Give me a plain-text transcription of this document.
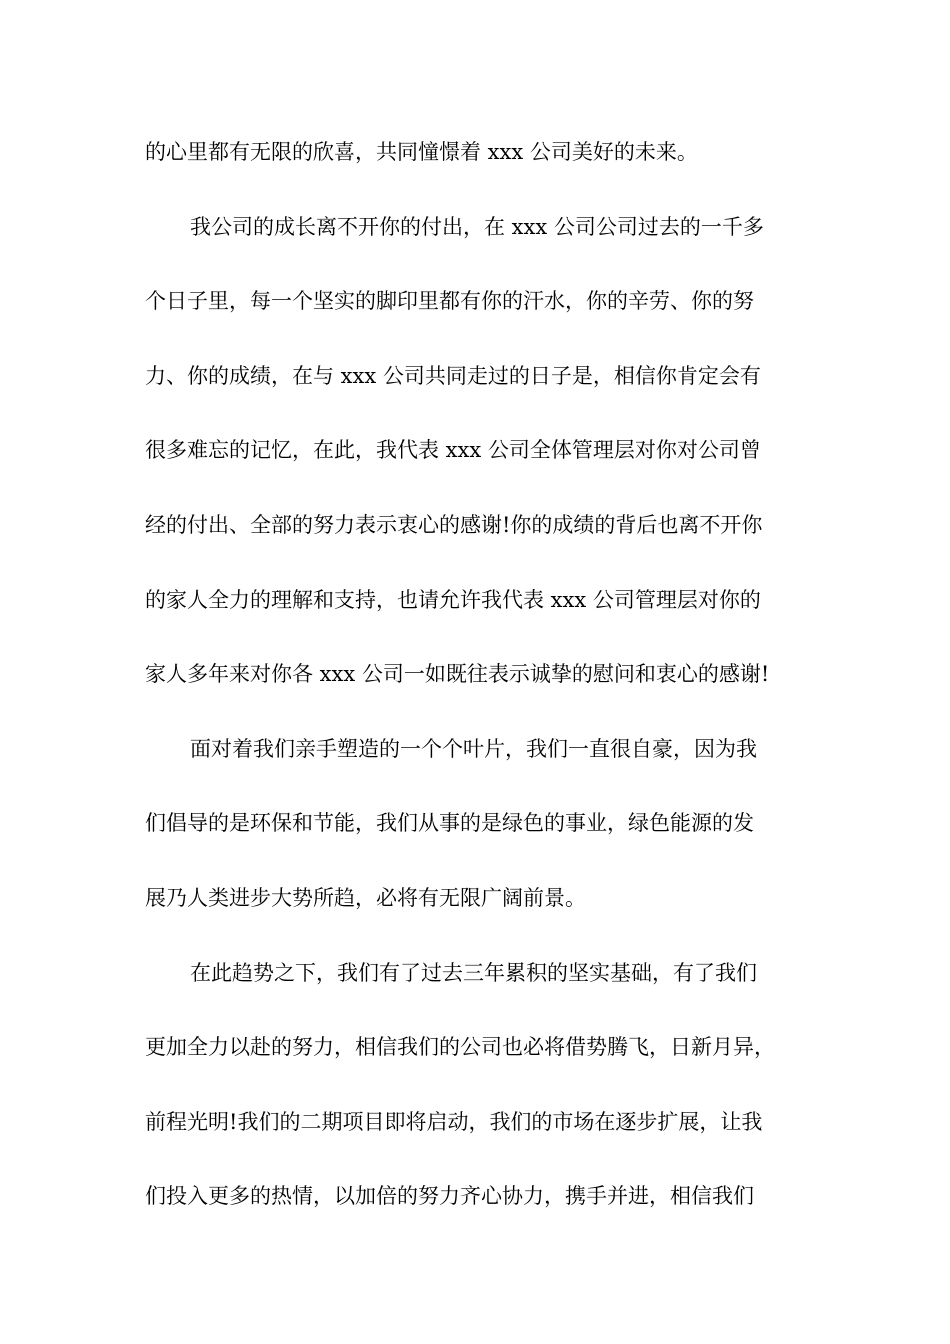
的心里都有无限的欣喜，共同憧憬着 xxx 公司美好的未来。
我公司的成长离不开你的付出，在 xxx 公司公司过去的一千多
个日子里，每一个坚实的脚印里都有你的汗水，你的辛劳、你的努
力、你的成绩，在与 xxx 公司共同走过的日子是，相信你肯定会有
很多难忘的记忆，在此，我代表 xxx 公司全体管理层对你对公司曾
经的付出、全部的努力表示衷心的感谢!你的成绩的背后也离不开你
的家人全力的理解和支持，也请允许我代表 xxx 公司管理层对你的
家人多年来对你各 xxx 公司一如既往表示诚挚的慰问和衷心的感谢!
面对着我们亲手塑造的一个个叶片，我们一直很自豪，因为我
们倡导的是环保和节能，我们从事的是绿色的事业，绿色能源的发
展乃人类进步大势所趋，必将有无限广阔前景。
在此趋势之下，我们有了过去三年累积的坚实基础，有了我们
更加全力以赴的努力，相信我们的公司也必将借势腾飞，日新月异，
前程光明!我们的二期项目即将启动，我们的市场在逐步扩展，让我
们投入更多的热情，以加倍的努力齐心协力，携手并进，相信我们
